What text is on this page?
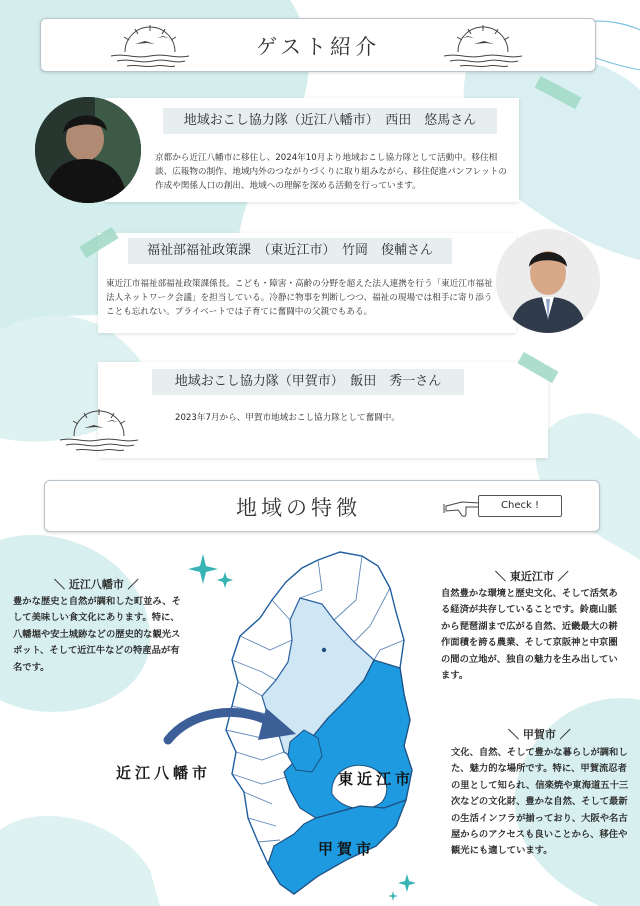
ゲスト紹介
地域おこし協力隊（近江八幡市）　西田　悠馬さん
京都から近江八幡市に移住し、2024年10月より地域おこし協力隊として活動中。移住相談、広報物の制作、地域内外のつながりづくりに取り組みながら、移住促進パンフレットの作成や関係人口の創出、地域への理解を深める活動を行っています。
福祉部福祉政策課　（東近江市）　竹岡　俊輔さん
東近江市福祉部福祉政策課係長。こども・障害・高齢の分野を超えた法人連携を行う「東近江市福祉法人ネットワーク会議」を担当している。冷静に物事を判断しつつ、福祉の現場では相手に寄り添うことも忘れない。プライベートでは子育てに奮闘中の父親でもある。
地域おこし協力隊（甲賀市）　飯田　秀一さん
2023年7月から、甲賀市地域おこし協力隊として奮闘中。
地域の特徴	Check !
＼ 近江八幡市 ／
豊かな歴史と自然が調和した町並み、そして美味しい食文化にあります。特に、八幡堀や安土城跡などの歴史的な観光スポット、そして近江牛などの特産品が有名です。
＼ 東近江市 ／
自然豊かな環境と歴史文化、そして活気ある経済が共存していることです。鈴鹿山脈から琵琶湖まで広がる自然、近畿最大の耕作面積を誇る農業、そして京阪神と中京圏の間の立地が、独自の魅力を生み出しています。
＼ 甲賀市 ／
文化、自然、そして豊かな暮らしが調和した、魅力的な場所です。特に、甲賀流忍者の里として知られ、信楽焼や東海道五十三次などの文化財、豊かな自然、そして最新の生活インフラが揃っており、大阪や名古屋からのアクセスも良いことから、移住や観光にも適しています。
近江八幡市	東近江市
甲賀市
